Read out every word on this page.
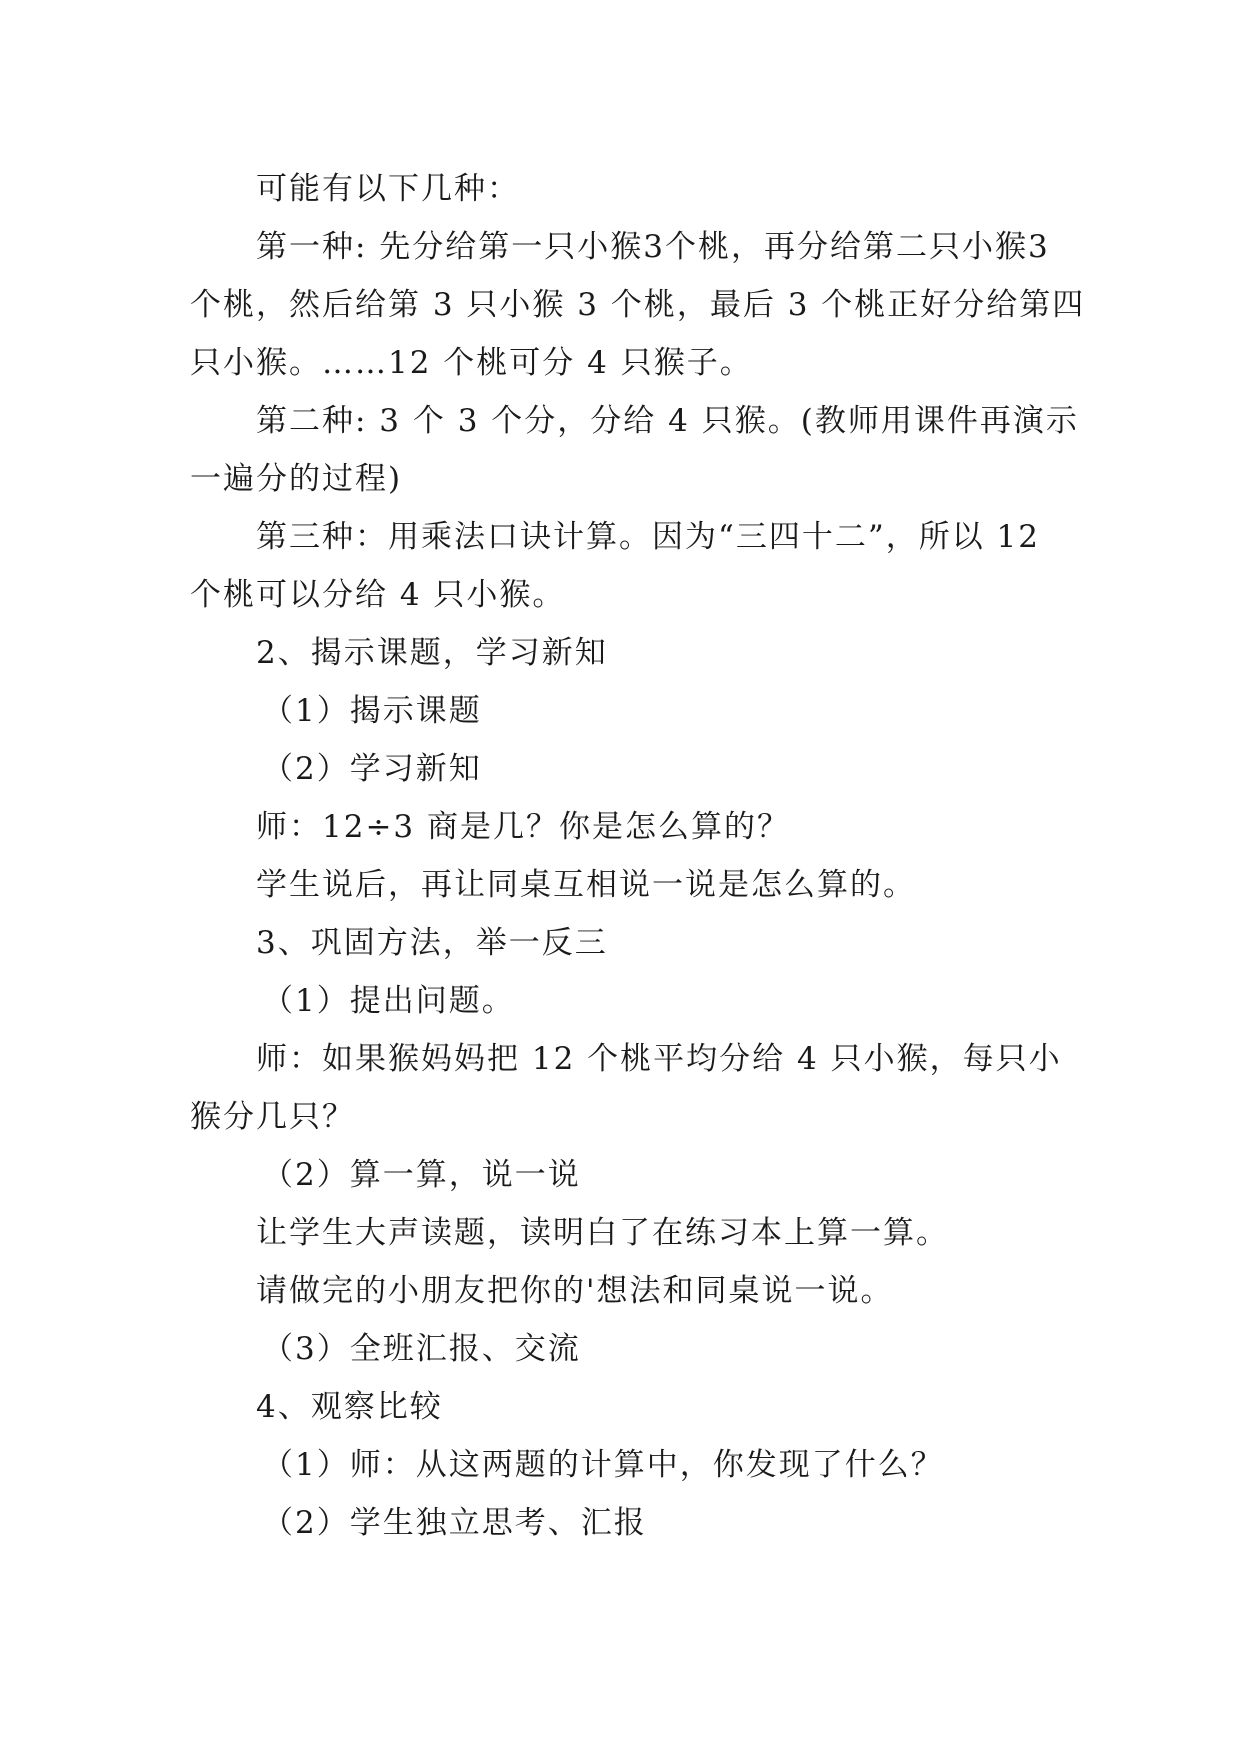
可能有以下几种：
第一种: 先分给第一只小猴3个桃，再分给第二只小猴3
个桃，然后给第 3 只小猴 3 个桃，最后 3 个桃正好分给第四
只小猴。……12 个桃可分 4 只猴子。
第二种: 3 个 3 个分，分给 4 只猴。(教师用课件再演示
一遍分的过程)
第三种：用乘法口诀计算。因为“三四十二”，所以 12
个桃可以分给 4 只小猴。
2、揭示课题，学习新知
（1）揭示课题
（2）学习新知
师：12÷3 商是几？你是怎么算的？
学生说后，再让同桌互相说一说是怎么算的。
3、巩固方法，举一反三
（1）提出问题。
师：如果猴妈妈把 12 个桃平均分给 4 只小猴，每只小
猴分几只？
（2）算一算，说一说
让学生大声读题，读明白了在练习本上算一算。
请做完的小朋友把你的'想法和同桌说一说。
（3）全班汇报、交流
4、观察比较
（1）师：从这两题的计算中，你发现了什么？
（2）学生独立思考、汇报
